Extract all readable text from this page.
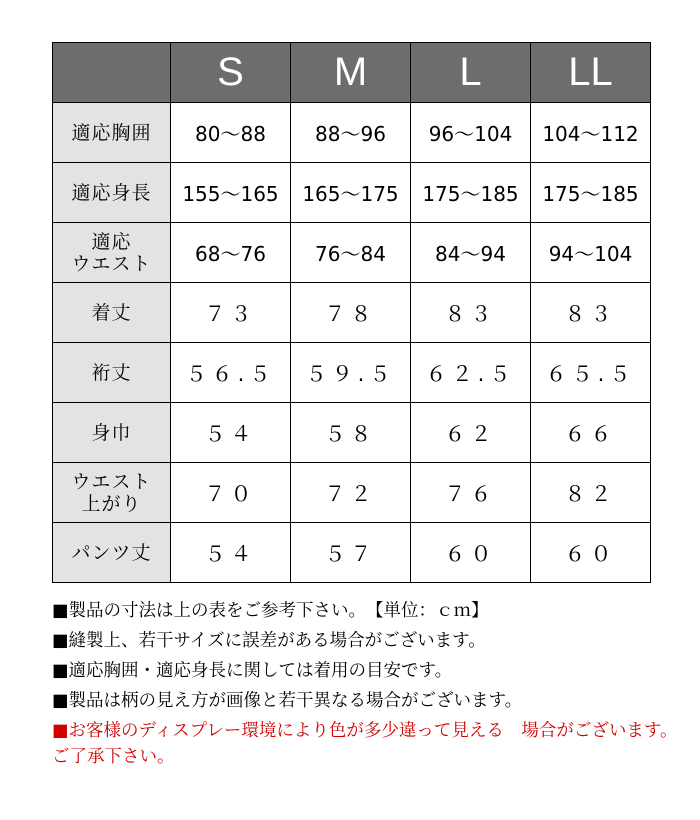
	S	M	L	LL
適応胸囲	80～88	88～96	96～104	104～112
適応身長	155～165	165～175	175～185	175～185
適応
ウエスト	68～76	76～84	84～94	94～104
着丈	７３	７８	８３	８３
裄丈	５６.５	５９.５	６２.５	６５.５
身巾	５４	５８	６２	６６
ウエスト
上がり	７０	７２	７６	８２
パンツ丈	５４	５７	６０	６０
■製品の寸法は上の表をご参考下さい。　【単位：ｃｍ】
■縫製上、若干サイズに誤差がある場合がございます。
■適応胸囲・適応身長に関しては着用の目安です。
■製品は柄の見え方が画像と若干異なる場合がございます。
■お客様のディスプレー環境により色が多少違って見える　場合がございます。ご了承下さい。
